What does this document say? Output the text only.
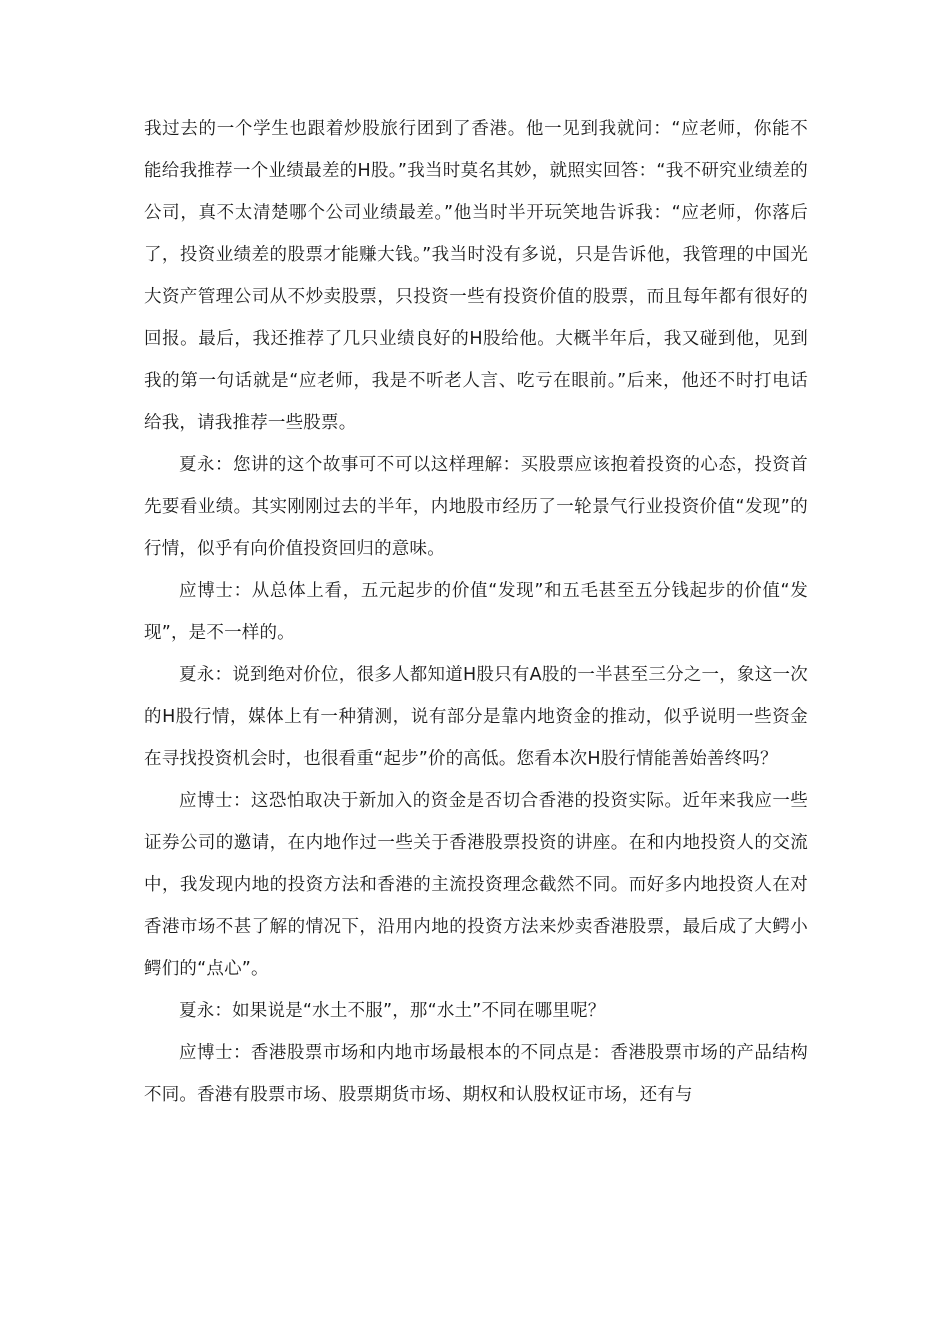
我过去的一个学生也跟着炒股旅行团到了香港。他一见到我就问：“应老师，你能不能给我推荐一个业绩最差的H股。”我当时莫名其妙，就照实回答：“我不研究业绩差的公司，真不太清楚哪个公司业绩最差。”他当时半开玩笑地告诉我：“应老师，你落后了，投资业绩差的股票才能赚大钱。”我当时没有多说，只是告诉他，我管理的中国光大资产管理公司从不炒卖股票，只投资一些有投资价值的股票，而且每年都有很好的回报。最后，我还推荐了几只业绩良好的H股给他。大概半年后，我又碰到他，见到我的第一句话就是“应老师，我是不听老人言、吃亏在眼前。”后来，他还不时打电话给我，请我推荐一些股票。

夏永：您讲的这个故事可不可以这样理解：买股票应该抱着投资的心态，投资首先要看业绩。其实刚刚过去的半年，内地股市经历了一轮景气行业投资价值“发现”的行情，似乎有向价值投资回归的意味。

应博士：从总体上看，五元起步的价值“发现”和五毛甚至五分钱起步的价值“发现”，是不一样的。

夏永：说到绝对价位，很多人都知道H股只有A股的一半甚至三分之一，象这一次的H股行情，媒体上有一种猜测，说有部分是靠内地资金的推动，似乎说明一些资金在寻找投资机会时，也很看重“起步”价的高低。您看本次H股行情能善始善终吗？

应博士：这恐怕取决于新加入的资金是否切合香港的投资实际。近年来我应一些证券公司的邀请，在内地作过一些关于香港股票投资的讲座。在和内地投资人的交流中，我发现内地的投资方法和香港的主流投资理念截然不同。而好多内地投资人在对香港市场不甚了解的情况下，沿用内地的投资方法来炒卖香港股票，最后成了大鳄小鳄们的“点心”。

夏永：如果说是“水土不服”，那“水土”不同在哪里呢？

应博士：香港股票市场和内地市场最根本的不同点是：香港股票市场的产品结构不同。香港有股票市场、股票期货市场、期权和认股权证市场，还有与
